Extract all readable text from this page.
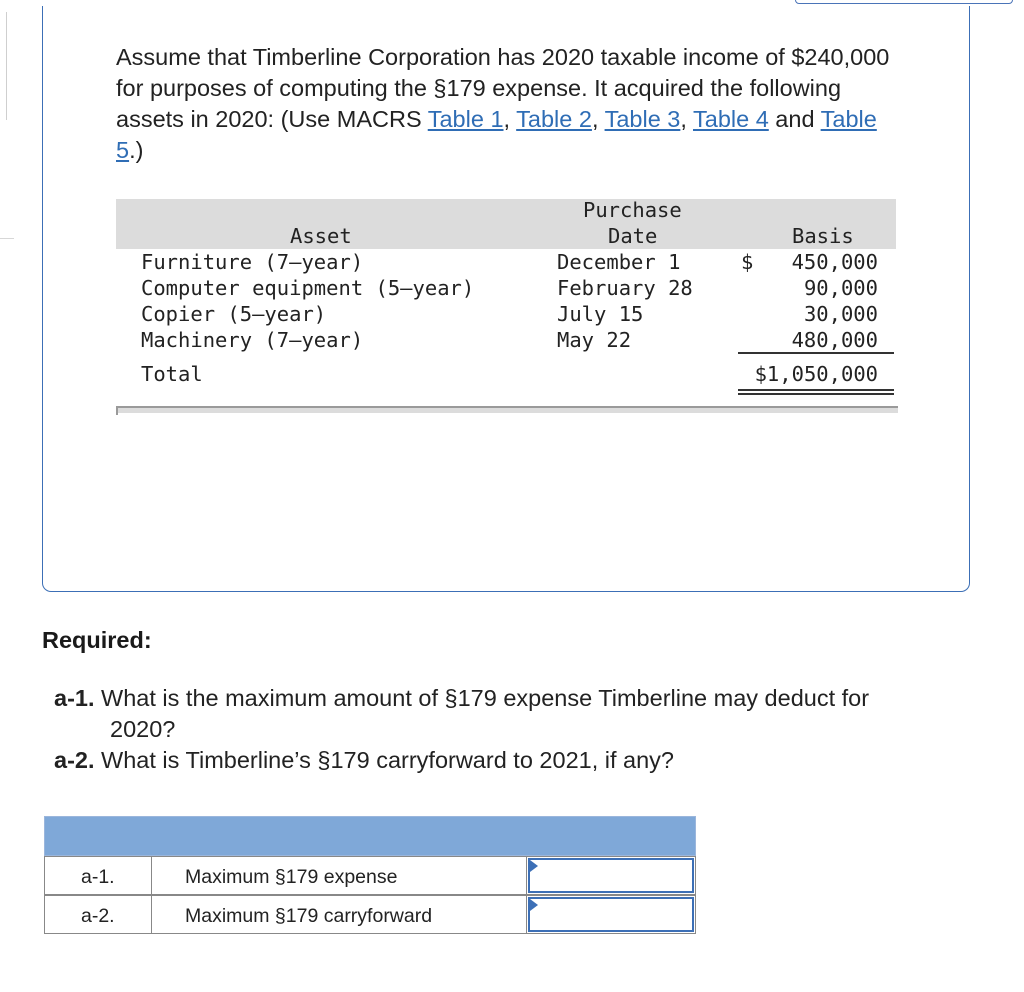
Assume that Timberline Corporation has 2020 taxable income of $240,000 for purposes of computing the §179 expense. It acquired the following assets in 2020: (Use MACRS Table 1, Table 2, Table 3, Table 4 and Table 5.)
Asset
Purchase
Date	Basis
Furniture (7–year)	December 1	$	450,000
Computer equipment (5–year)	February 28	90,000
Copier (5–year)	July 15	30,000
Machinery (7–year)	May 22	480,000
Total	$1,050,000
Required:
a-1. What is the maximum amount of §179 expense Timberline may deduct for
2020?
a-2. What is Timberline’s §179 carryforward to 2021, if any?
a-1.	Maximum §179 expense
a-2.	Maximum §179 carryforward
